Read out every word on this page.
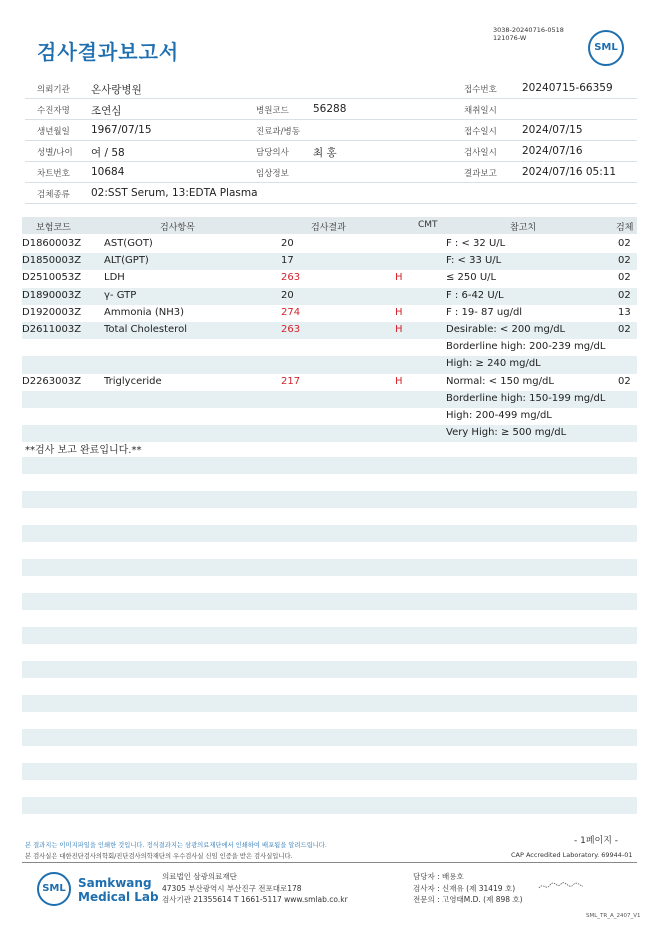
3038-20240716-0518
121076-W
검사결과보고서	SML
의뢰기관 온사랑병원	접수번호 20240715-66359
수진자명 조연심	병원코드 56288	채취일시
생년월일 1967/07/15	진료과/병동	접수일시 2024/07/15
성별/나이 여 / 58	담당의사 최 홍	검사일시 2024/07/16
차트번호 10684	임상정보	결과보고 2024/07/16 05:11
검체종류 02:SST Serum, 13:EDTA Plasma
보험코드	검사항목	검사결과	CMT	참고치	검체
D1860003Z AST(GOT)	20	F : < 32 U/L	02
D1850003Z ALT(GPT)	17	F: < 33 U/L	02
D2510053Z LDH	263	H	≤ 250 U/L	02
D1890003Z γ- GTP	20	F : 6-42 U/L	02
D1920003Z Ammonia (NH3)	274	H	F : 19- 87 ug/dl	13
D2611003Z Total Cholesterol	263	H	Desirable: < 200 mg/dL	02
Borderline high: 200-239 mg/dL
High: ≥ 240 mg/dL
D2263003Z Triglyceride	217	H	Normal: < 150 mg/dL	02
Borderline high: 150-199 mg/dL
High: 200-499 mg/dL
Very High: ≥ 500 mg/dL
**검사 보고 완료입니다.**
- 1페이지 -
본 결과지는 이미지파일을 인쇄한 것입니다. 정식결과지는 삼광의료재단에서 인쇄하여 배포됨을 알려드립니다.
본 검사실은 대한진단검사의학회/진단검사의학재단의 우수검사실 신임 인증을 받은 검사실입니다.	CAP Accredited Laboratory. 69944-01
SML Samkwang
Medical Lab
의료법인 삼광의료재단
47305 부산광역시 부산진구 전포대로178
검사기관 21355614 T 1661-5117 www.smlab.co.kr
담당자 : 배용호
검사자 : 신재유 (제 31419 호)
전문의 : 고영태M.D. (제 898 호)
SML_TR_A_2407_V1
